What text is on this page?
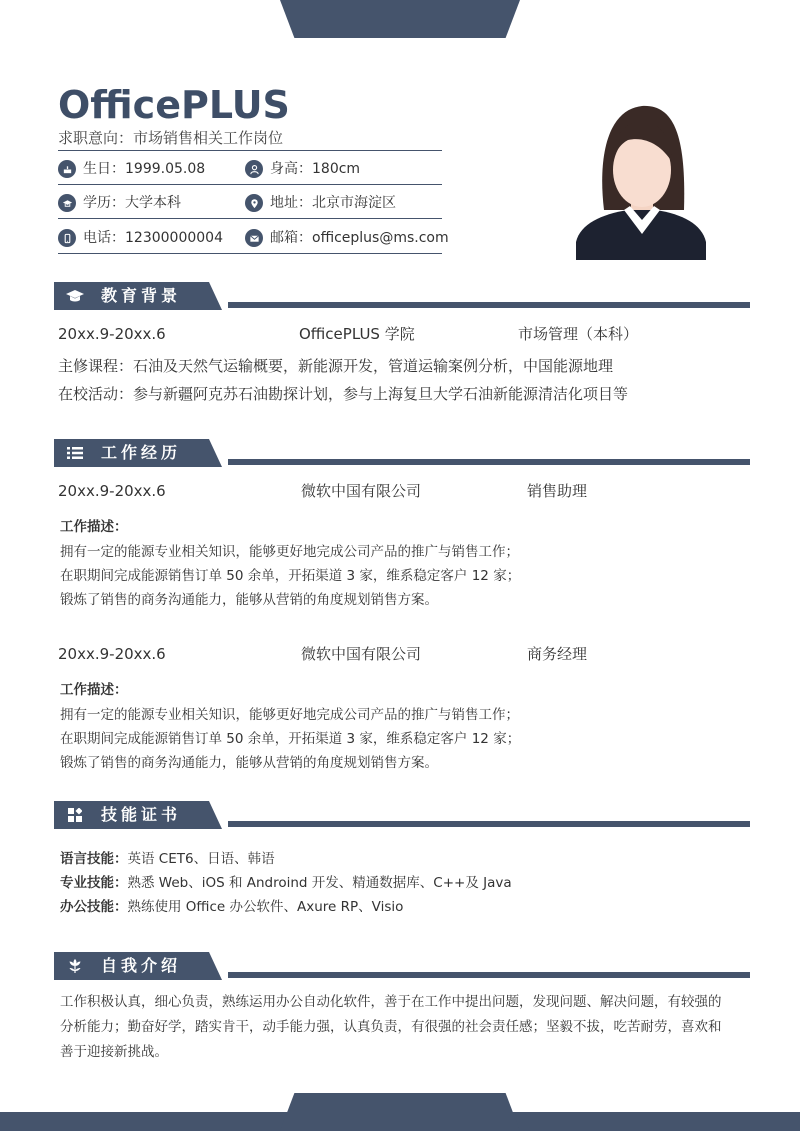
OfficePLUS
求职意向：市场销售相关工作岗位
生日：1999.05.08	身高：180cm
学历：大学本科	地址：北京市海淀区
电话：12300000004	邮箱：officeplus@ms.com
教育背景
20xx.9-20xx.6	OfficePLUS 学院	市场管理（本科）
主修课程：石油及天然气运输概要，新能源开发，管道运输案例分析，中国能源地理
在校活动：参与新疆阿克苏石油勘探计划，参与上海复旦大学石油新能源清洁化项目等
工作经历
20xx.9-20xx.6	微软中国有限公司	销售助理
工作描述：
拥有一定的能源专业相关知识，能够更好地完成公司产品的推广与销售工作；
在职期间完成能源销售订单 50 余单，开拓渠道 3 家，维系稳定客户 12 家；
锻炼了销售的商务沟通能力，能够从营销的角度规划销售方案。
20xx.9-20xx.6	微软中国有限公司	商务经理
工作描述：
拥有一定的能源专业相关知识，能够更好地完成公司产品的推广与销售工作；
在职期间完成能源销售订单 50 余单，开拓渠道 3 家，维系稳定客户 12 家；
锻炼了销售的商务沟通能力，能够从营销的角度规划销售方案。
技能证书
语言技能：英语 CET6、日语、韩语
专业技能：熟悉 Web、iOS 和 Androind 开发、精通数据库、C++及 Java
办公技能：熟练使用 Office 办公软件、Axure RP、Visio
自我介绍
工作积极认真，细心负责，熟练运用办公自动化软件，善于在工作中提出问题，发现问题、解决问题，有较强的
分析能力；勤奋好学，踏实肯干，动手能力强，认真负责，有很强的社会责任感；坚毅不拔，吃苦耐劳，喜欢和
善于迎接新挑战。
